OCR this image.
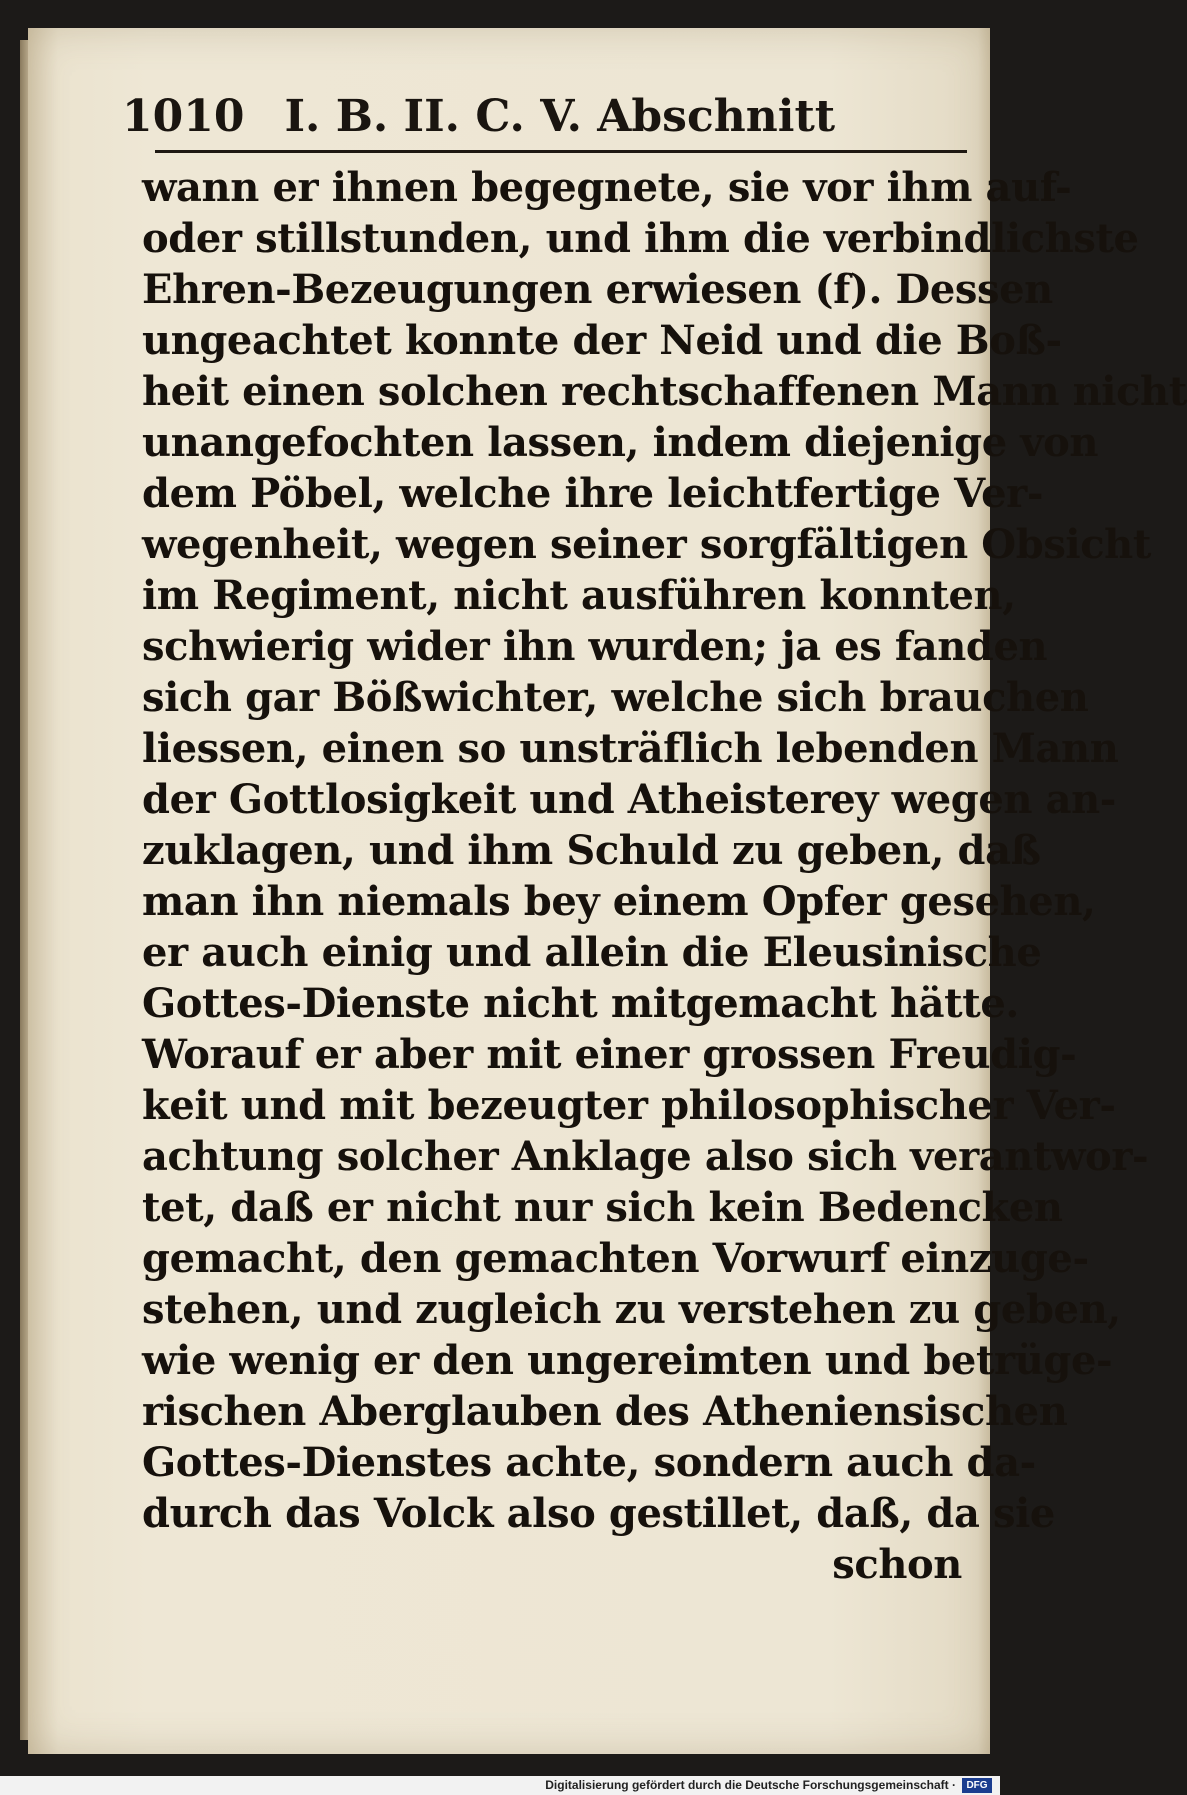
1010 I. B. II. C. V. Abschnitt
wann er ihnen begegnete, sie vor ihm auf-
oder stillstunden, und ihm die verbindlichste
Ehren-Bezeugungen erwiesen (f). Dessen
ungeachtet konnte der Neid und die Boß-
heit einen solchen rechtschaffenen Mann nicht
unangefochten lassen, indem diejenige von
dem Pöbel, welche ihre leichtfertige Ver-
wegenheit, wegen seiner sorgfältigen Obsicht
im Regiment, nicht ausführen konnten,
schwierig wider ihn wurden; ja es fanden
sich gar Bößwichter, welche sich brauchen
liessen, einen so unsträflich lebenden Mann
der Gottlosigkeit und Atheisterey wegen an-
zuklagen, und ihm Schuld zu geben, daß
man ihn niemals bey einem Opfer gesehen,
er auch einig und allein die Eleusinische
Gottes-Dienste nicht mitgemacht hätte.
Worauf er aber mit einer grossen Freudig-
keit und mit bezeugter philosophischer Ver-
achtung solcher Anklage also sich verantwor-
tet, daß er nicht nur sich kein Bedencken
gemacht, den gemachten Vorwurf einzuge-
stehen, und zugleich zu verstehen zu geben,
wie wenig er den ungereimten und betrüge-
rischen Aberglauben des Atheniensischen
Gottes-Dienstes achte, sondern auch da-
durch das Volck also gestillet, daß, da sie
schon
Digitalisierung gefördert durch die Deutsche Forschungsgemeinschaft ·	DFG
